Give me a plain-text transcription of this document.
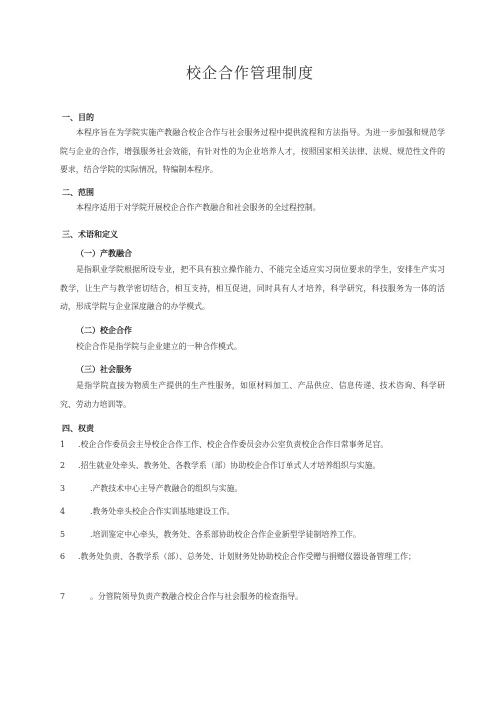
校企合作管理制度
一、目的
本程序旨在为学院实施产教融合校企合作与社会服务过程中提供流程和方法指导。为进一步加强和规范学院与企业的合作，增强服务社会效能，有针对性的为企业培养人才，按照国家相关法律、法规、规范性文件的要求，结合学院的实际情况，特编制本程序。
二、范围
本程序适用于对学院开展校企合作产教融合和社会服务的全过程控制。
三、术语和定义
（一）产教融合
是指职业学院根据所设专业，把不具有独立操作能力、不能完全适应实习岗位要求的学生，安排生产实习教学，让生产与教学密切结合，相互支持，相互促进，同时具有人才培养，科学研究，科技服务为一体的活动，形成学院与企业深度融合的办学模式。
（二）校企合作
校企合作是指学院与企业建立的一种合作模式。
（三）社会服务
是指学院直接为物质生产提供的生产性服务，如原材料加工、产品供应、信息传递、技术咨询、科学研究、劳动力培训等。
四、权责
1 .校企合作委员会主导校企合作工作、校企合作委员会办公室负责校企合作日常事务足宫。
2 .招生就业处牵头、教务处、各教学系（部）协助校企合作订单式人才培养组织与实施。
3	.产教技术中心主导产教融合的组织与实施。
4	.教务处牵头校企合作实训基地建设工作。
5	.培训鉴定中心牵头，教务处、各系部协助校企合作企业新型学徒制培养工作。
6 .教务处负责、各教学系（部）、总务处、计划财务处协助校企合作受赠与捐赠仪器设备管理工作；
7	。分管院领导负责产教融合校企合作与社会服务的检查指导。
